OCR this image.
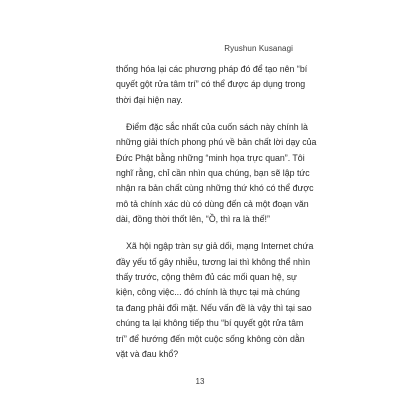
Ryushun Kusanagi
thống hóa lại các phương pháp đó để tạo nên “bí
quyết gột rửa tâm trí” có thể được áp dụng trong
thời đại hiện nay.
Điểm đặc sắc nhất của cuốn sách này chính là
những giải thích phong phú về bản chất lời dạy của
Đức Phật bằng những “minh họa trực quan”. Tôi
nghĩ rằng, chỉ cần nhìn qua chúng, bạn sẽ lập tức
nhận ra bản chất cùng những thứ khó có thể được
mô tả chính xác dù có dùng đến cả một đoạn văn
dài, đồng thời thốt lên, “Ồ, thì ra là thế!”
Xã hội ngập tràn sự giả dối, mạng Internet chứa
đầy yếu tố gây nhiễu, tương lai thì không thể nhìn
thấy trước, cộng thêm đủ các mối quan hệ, sự
kiện, công việc... đó chính là thực tại mà chúng
ta đang phải đối mặt. Nếu vấn đề là vậy thì tại sao
chúng ta lại không tiếp thu “bí quyết gột rửa tâm
trí” để hướng đến một cuộc sống không còn dằn
vặt và đau khổ?
13
